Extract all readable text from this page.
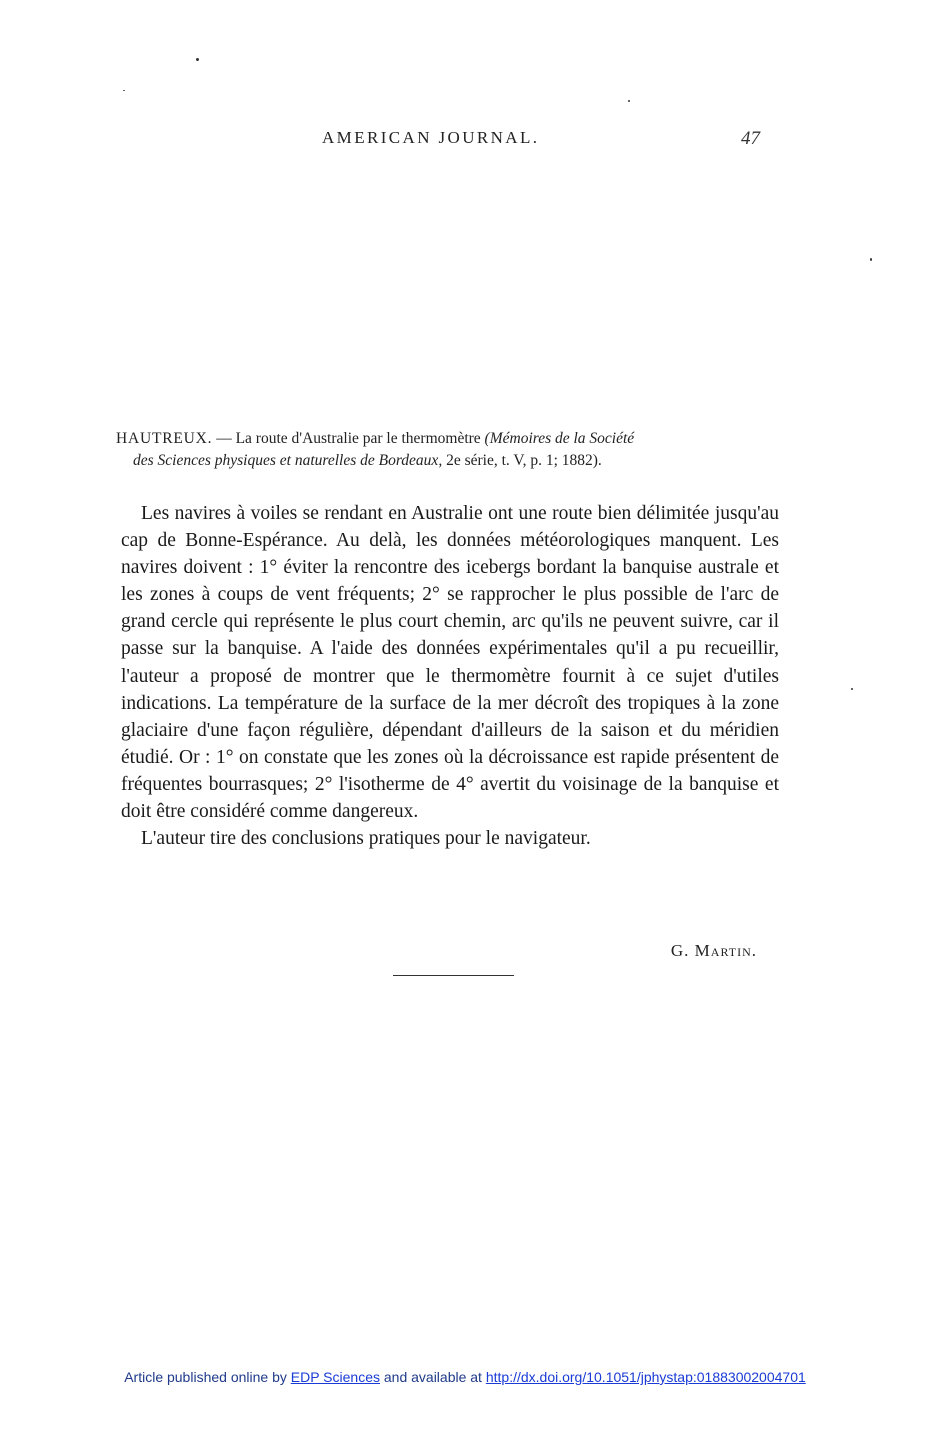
AMERICAN JOURNAL.	47
HAUTREUX. — La route d'Australie par le thermomètre (Mémoires de la Société
des Sciences physiques et naturelles de Bordeaux, 2e série, t. V, p. 1; 1882).

Les navires à voiles se rendant en Australie ont une route bien délimitée jusqu'au cap de Bonne-Espérance. Au delà, les données météorologiques manquent. Les navires doivent : 1° éviter la rencontre des icebergs bordant la banquise australe et les zones à coups de vent fréquents; 2° se rapprocher le plus possible de l'arc de grand cercle qui représente le plus court chemin, arc qu'ils ne peuvent suivre, car il passe sur la banquise. A l'aide des données expérimentales qu'il a pu recueillir, l'auteur a proposé de montrer que le thermomètre fournit à ce sujet d'utiles indications. La température de la surface de la mer décroît des tropiques à la zone glaciaire d'une façon régulière, dépendant d'ailleurs de la saison et du méridien étudié. Or : 1° on constate que les zones où la décroissance est rapide présentent de fréquentes bourrasques; 2° l'isotherme de 4° avertit du voisinage de la banquise et doit être considéré comme dangereux.

L'auteur tire des conclusions pratiques pour le navigateur.

G. Martin.
Article published online by EDP Sciences and available at http://dx.doi.org/10.1051/jphystap:01883002004701
